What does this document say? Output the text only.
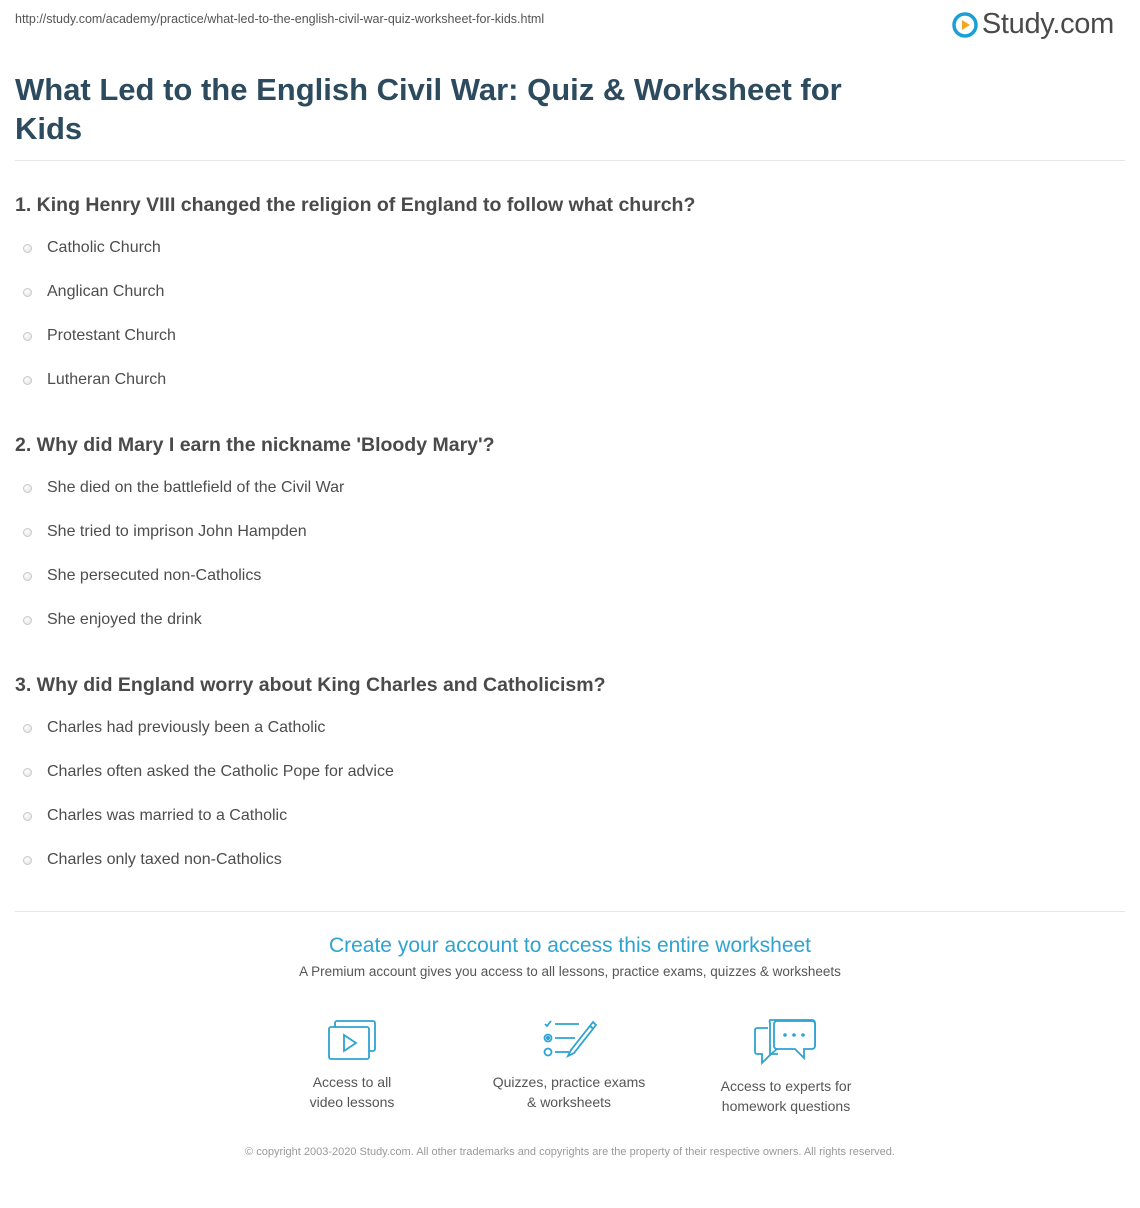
http://study.com/academy/practice/what-led-to-the-english-civil-war-quiz-worksheet-for-kids.html	Study.com
What Led to the English Civil War: Quiz & Worksheet for Kids
1. King Henry VIII changed the religion of England to follow what church?
Catholic Church
Anglican Church
Protestant Church
Lutheran Church
2. Why did Mary I earn the nickname 'Bloody Mary'?
She died on the battlefield of the Civil War
She tried to imprison John Hampden
She persecuted non-Catholics
She enjoyed the drink
3. Why did England worry about King Charles and Catholicism?
Charles had previously been a Catholic
Charles often asked the Catholic Pope for advice
Charles was married to a Catholic
Charles only taxed non-Catholics
Create your account to access this entire worksheet
A Premium account gives you access to all lessons, practice exams, quizzes & worksheets
Access to all
video lessons
Quizzes, practice exams
& worksheets
Access to experts for
homework questions
© copyright 2003-2020 Study.com. All other trademarks and copyrights are the property of their respective owners. All rights reserved.
